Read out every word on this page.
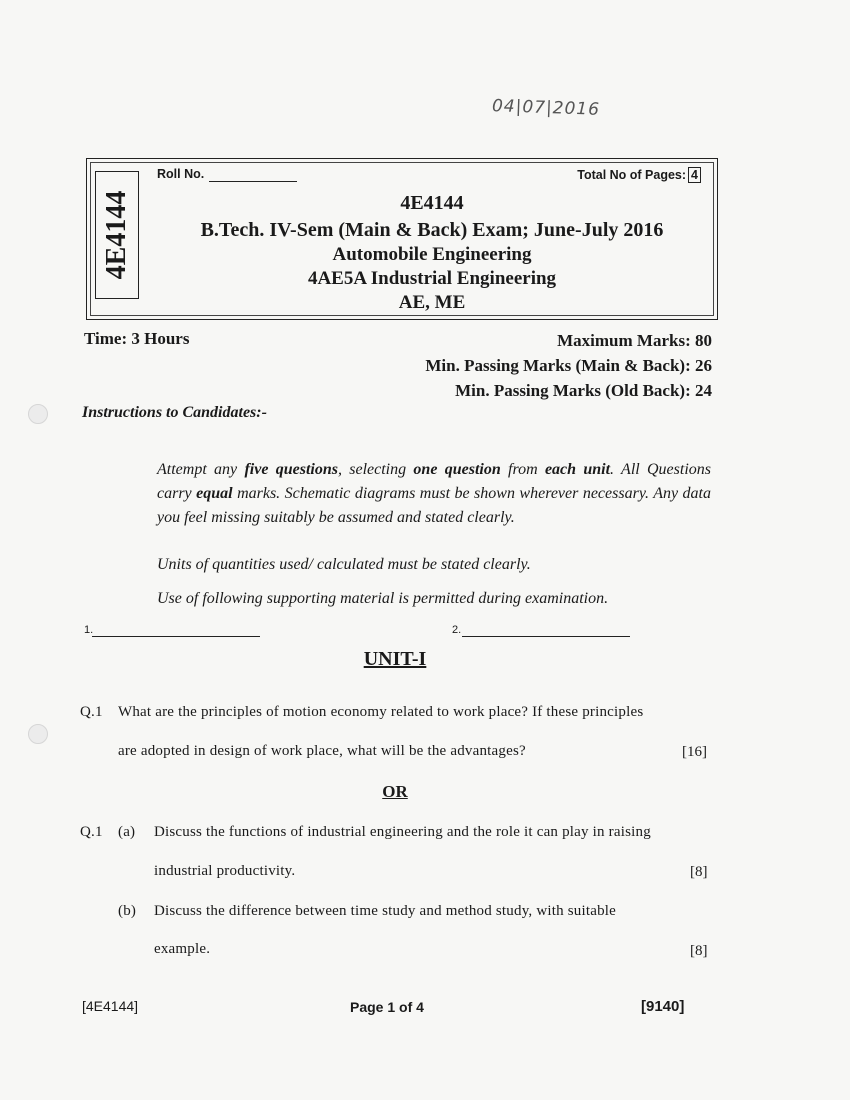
04|07|2016
4E4144
Roll No.	Total No of Pages: 4
4E4144
B.Tech. IV-Sem (Main & Back) Exam; June-July 2016
Automobile Engineering
4AE5A Industrial Engineering
AE, ME
Time: 3 Hours	Maximum Marks: 80
Min. Passing Marks (Main & Back): 26
Min. Passing Marks (Old Back): 24
Instructions to Candidates:-
Attempt any five questions, selecting one question from each unit. All Questions carry equal marks. Schematic diagrams must be shown wherever necessary. Any data you feel missing suitably be assumed and stated clearly.
Units of quantities used/ calculated must be stated clearly.
Use of following supporting material is permitted during examination.
1.	2.
UNIT-I
Q.1 What are the principles of motion economy related to work place? If these principles
are adopted in design of work place, what will be the advantages?	[16]
OR
Q.1 (a) Discuss the functions of industrial engineering and the role it can play in raising
industrial productivity.	[8]
(b) Discuss the difference between time study and method study, with suitable
example.	[8]
[4E4144]	Page 1 of 4	[9140]
